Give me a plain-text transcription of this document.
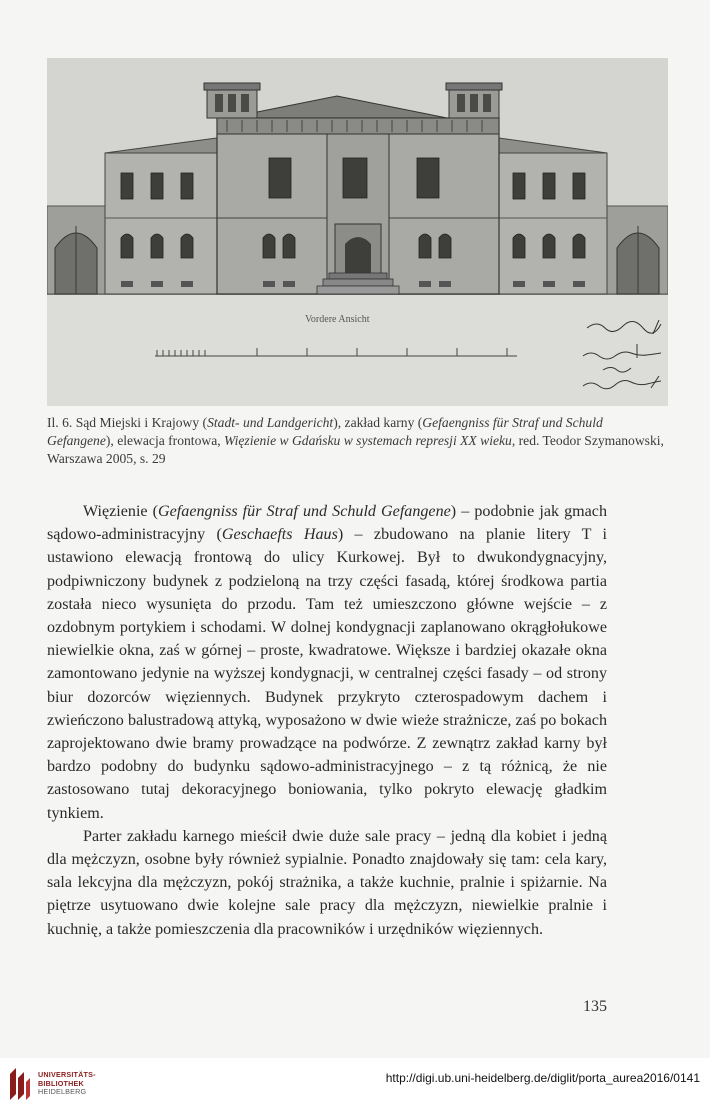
Vordere Ansicht
Il. 6. Sąd Miejski i Krajowy (Stadt- und Landgericht), zakład karny (Gefaengniss für Straf und Schuld Gefangene), elewacja frontowa, Więzienie w Gdańsku w systemach represji XX wieku, red. Teodor Szymanowski, Warszawa 2005, s. 29

Więzienie (Gefaengniss für Straf und Schuld Gefangene) – podobnie jak gmach sądowo-administracyjny (Geschaefts Haus) – zbudowano na planie litery T i ustawiono elewacją frontową do ulicy Kurkowej. Był to dwukondygnacyjny, podpiwniczony budynek z podzieloną na trzy części fasadą, której środkowa partia została nieco wysunięta do przodu. Tam też umieszczono główne wejście – z ozdobnym portykiem i schodami. W dolnej kondygnacji zaplanowano okrągłołukowe niewielkie okna, zaś w górnej – proste, kwadratowe. Większe i bardziej okazałe okna zamontowano jedynie na wyższej kondygnacji, w centralnej części fasady – od strony biur dozorców więziennych. Budynek przykryto czterospadowym dachem i zwieńczono balustradową attyką, wyposażono w dwie wieże strażnicze, zaś po bokach zaprojektowano dwie bramy prowadzące na podwórze. Z zewnątrz zakład karny był bardzo podobny do budynku sądowo-administracyjnego – z tą różnicą, że nie zastosowano tutaj dekoracyjnego boniowania, tylko pokryto elewację gładkim tynkiem.

Parter zakładu karnego mieścił dwie duże sale pracy – jedną dla kobiet i jedną dla mężczyzn, osobne były również sypialnie. Ponadto znajdowały się tam: cela kary, sala lekcyjna dla mężczyzn, pokój strażnika, a także kuchnie, pralnie i spiżarnie. Na piętrze usytuowano dwie kolejne sale pracy dla mężczyzn, niewielkie pralnie i kuchnię, a także pomieszczenia dla pracowników i urzędników więziennych.

135
UNIVERSITÄTS-
BIBLIOTHEK
HEIDELBERG
http://digi.ub.uni-heidelberg.de/diglit/porta_aurea2016/0141
